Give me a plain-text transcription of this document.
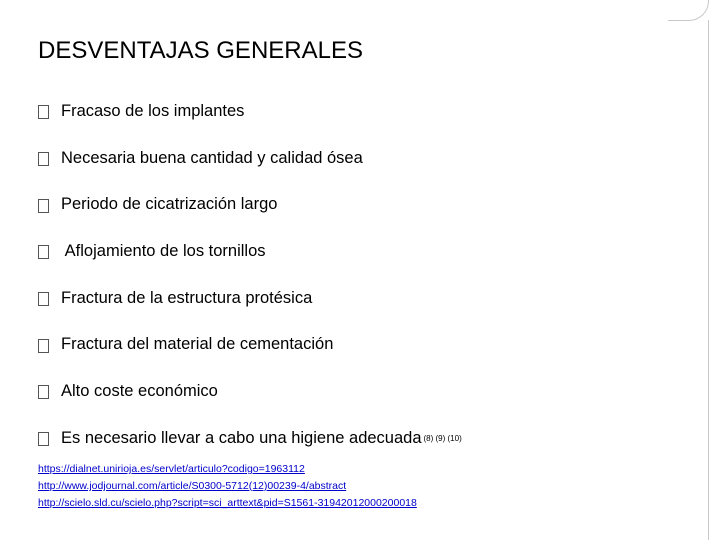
DESVENTAJAS GENERALES
Fracaso de los implantes
Necesaria buena cantidad y calidad ósea
Periodo de cicatrización largo
Aflojamiento de los tornillos
Fractura de la estructura protésica
Fractura del material de cementación
Alto coste económico
Es necesario llevar a cabo una higiene adecuada (8) (9) (10)
https://dialnet.unirioja.es/servlet/articulo?codigo=1963112
http://www.jodjournal.com/article/S0300-5712(12)00239-4/abstract
http://scielo.sld.cu/scielo.php?script=sci_arttext&pid=S1561-31942012000200018
